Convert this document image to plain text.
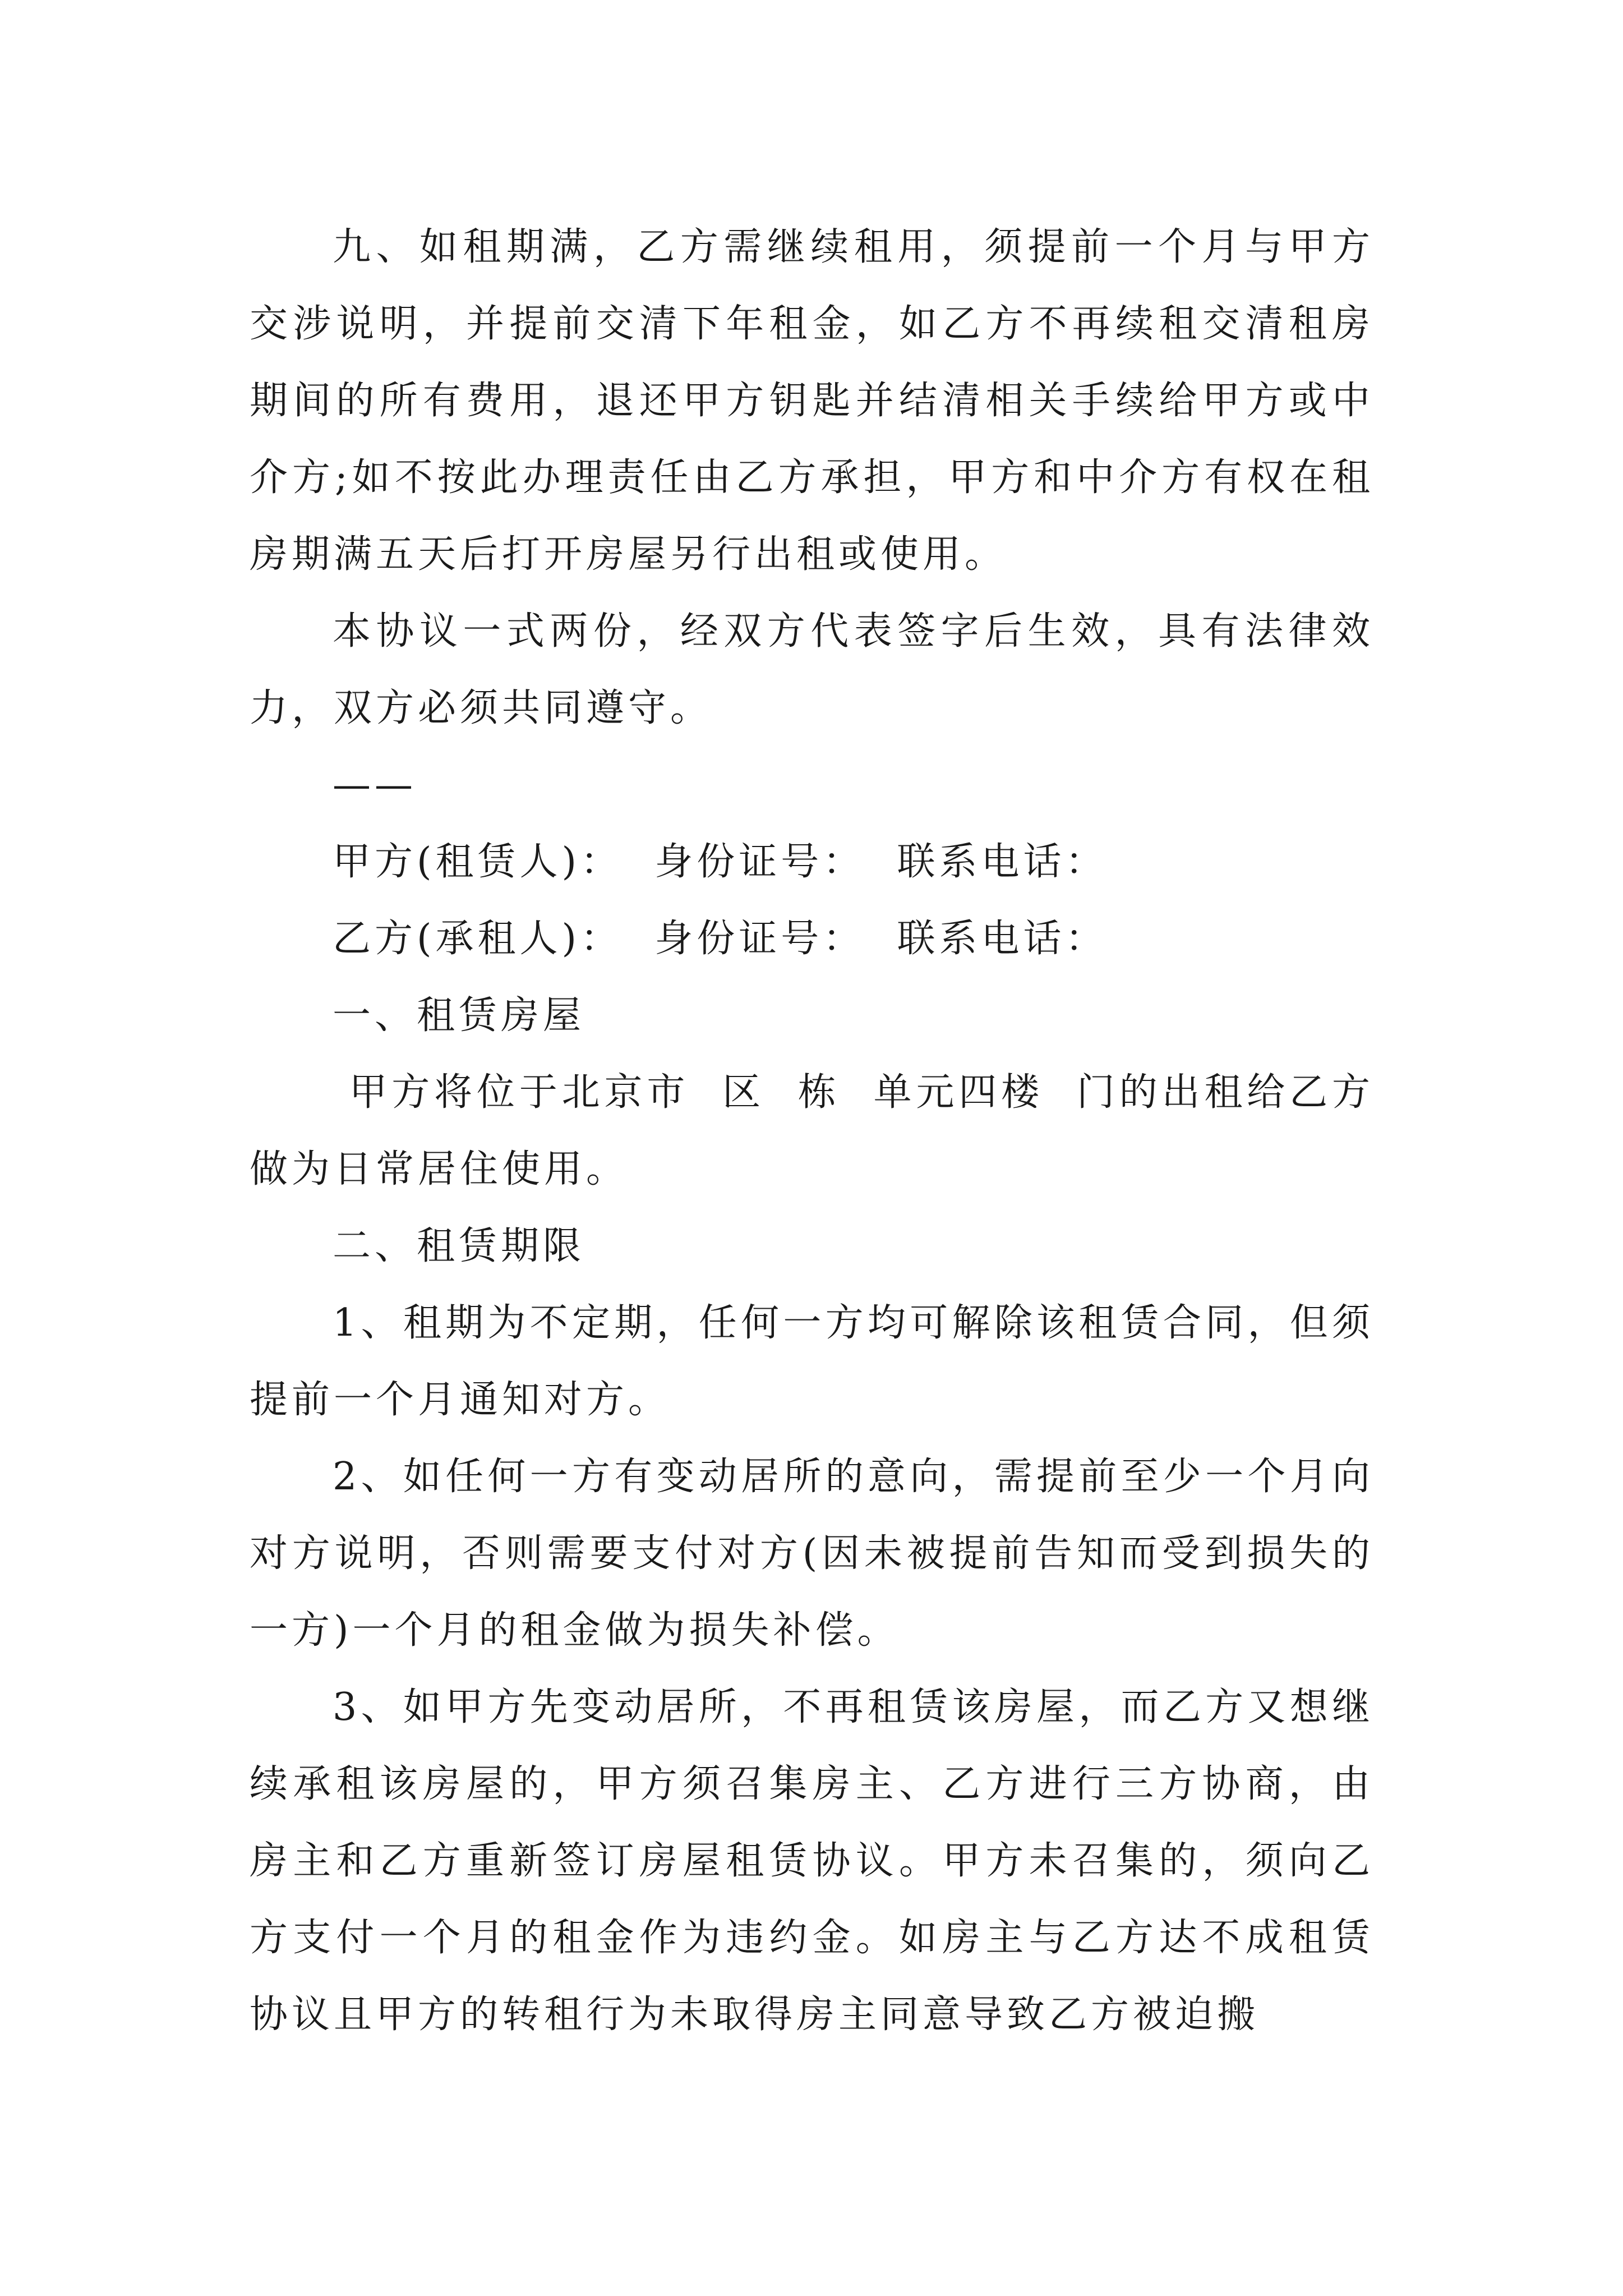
九、如租期满，乙方需继续租用，须提前一个月与甲方交涉说明，并提前交清下年租金，如乙方不再续租交清租房期间的所有费用，退还甲方钥匙并结清相关手续给甲方或中介方;如不按此办理责任由乙方承担，甲方和中介方有权在租房期满五天后打开房屋另行出租或使用。

本协议一式两份，经双方代表签字后生效，具有法律效力，双方必须共同遵守。

——

甲方(租赁人)：  身份证号：  联系电话：

乙方(承租人)：  身份证号：  联系电话：

一、租赁房屋

甲方将位于北京市  区  栋  单元四楼  门的出租给乙方做为日常居住使用。

二、租赁期限

1、租期为不定期，任何一方均可解除该租赁合同，但须提前一个月通知对方。

2、如任何一方有变动居所的意向，需提前至少一个月向对方说明，否则需要支付对方(因未被提前告知而受到损失的一方)一个月的租金做为损失补偿。

3、如甲方先变动居所，不再租赁该房屋，而乙方又想继续承租该房屋的，甲方须召集房主、乙方进行三方协商，由房主和乙方重新签订房屋租赁协议。甲方未召集的，须向乙方支付一个月的租金作为违约金。如房主与乙方达不成租赁协议且甲方的转租行为未取得房主同意导致乙方被迫搬
